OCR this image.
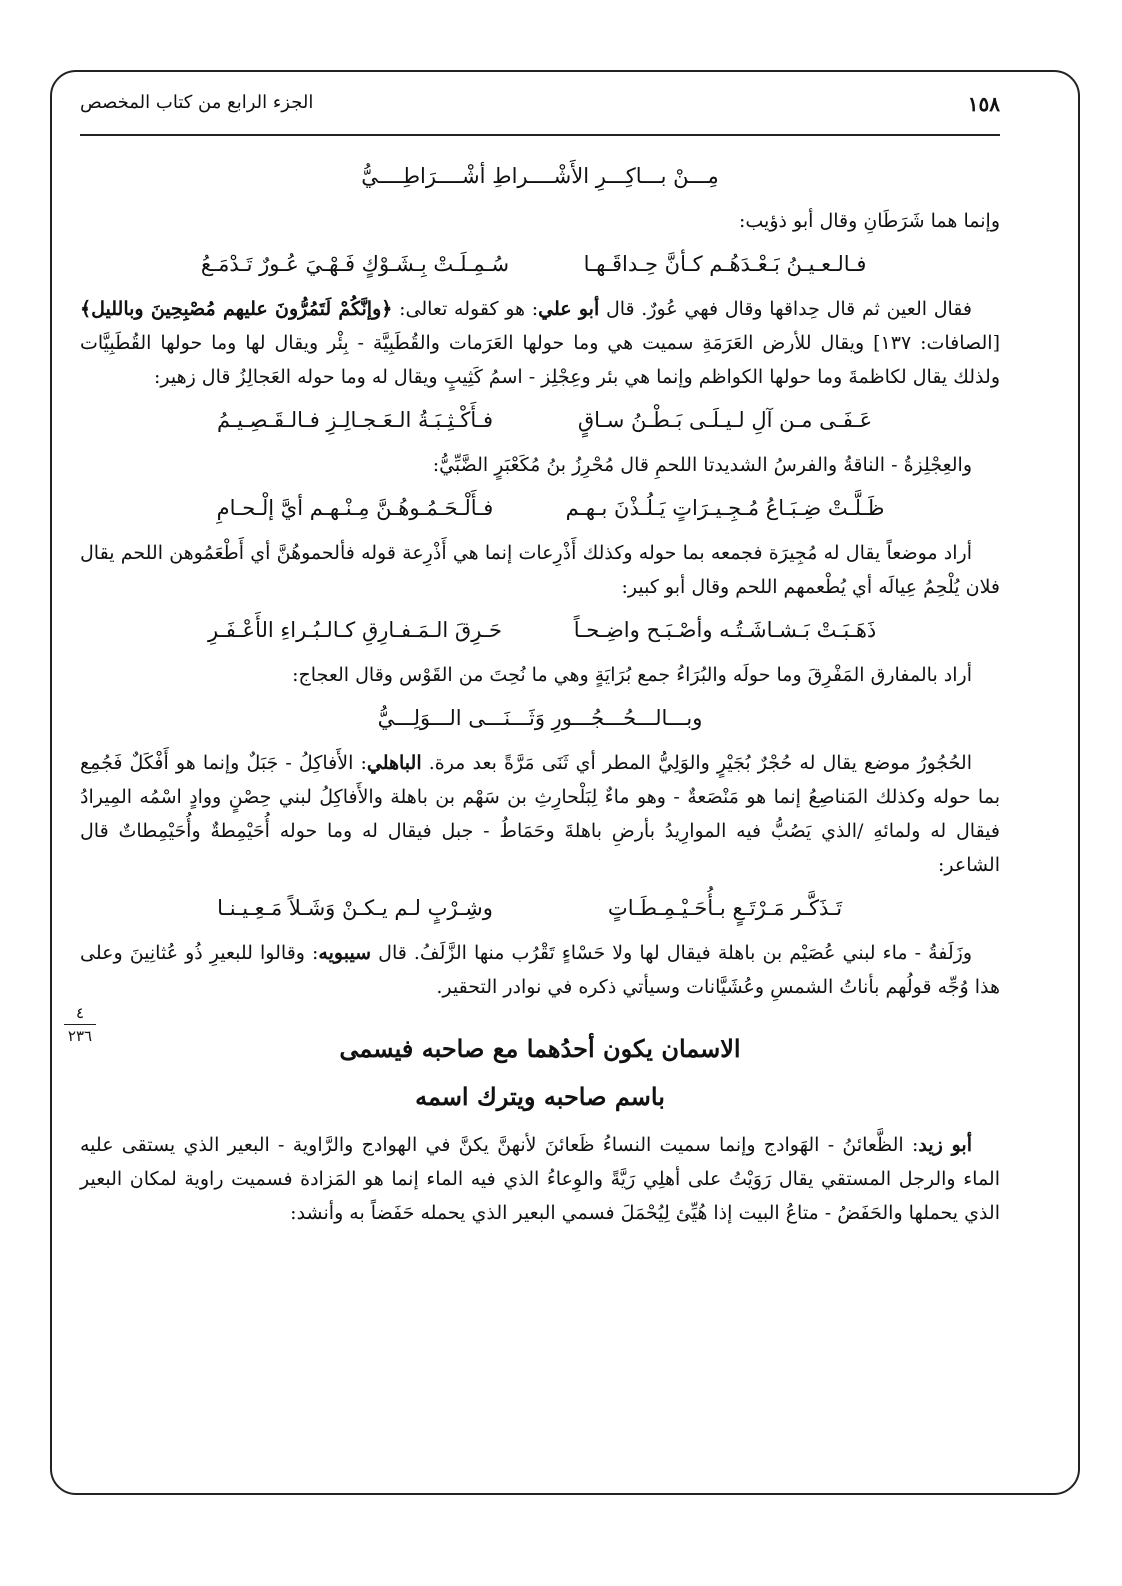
١٥٨
الجزء الرابع من كتاب المخصص
٤
٢٣٦
مِـــنْ بـــاكِـــرِ الأَشْــــراطِ أشْــــرَاطِــــيُّ

وإنما هما شَرَطَانِ وقال أبو ذؤيب:

فـالـعـيـنُ بَـعْـدَهُـم كـأنَّ حِـداقَـهـا
سُـمِـلَـتْ بِـشَـوْكٍ فَـهْـيَ عُـورٌ تَـدْمَـعُ

فقال العين ثم قال حِداقها وقال فهي عُورٌ. قال أبو علي: هو كقوله تعالى: ﴿وإنَّكُمْ لَتَمُرُّونَ عليهم مُصْبِحِينَ وبالليل﴾ [الصافات: ١٣٧] ويقال للأرض العَرَمَةِ سميت هي وما حولها العَرَمات والقُطَبِيَّة - بِئْر ويقال لها وما حولها القُطَبِيَّات ولذلك يقال لكاظمةَ وما حولها الكواظم وإنما هي بئر وعِجْلِز - اسمُ كَثِيبٍ ويقال له وما حوله العَجالِزُ قال زهير:

عَـفَـى مـن آلِ لـيـلَـى بَـطْـنُ سـاقٍ
فـأَكْـثِـبَـةُ الـعَـجـالِـزِ فـالـقَـصِـيـمُ

والعِجْلِزةُ - الناقةُ والفرسُ الشديدتا اللحمِ قال مُحْرِزُ بنُ مُكَعْبَرٍ الضَّبِّيُّ:

ظَـلَّـتْ ضِـبَـاعُ مُـجِـيـرَاتٍ يَـلُـذْنَ بـهـم
فـأَلْـحَـمُـوهُـنَّ مِـنْـهـم أيَّ إلْـحـامِ

أراد موضعاً يقال له مُجِيرَة فجمعه بما حوله وكذلك أَذْرِعات إنما هي أَذْرِعة قوله فألحموهُنَّ أي أَطْعَمُوهن اللحم يقال فلان يُلْحِمُ عِيالَه أي يُطْعمهم اللحم وقال أبو كبير:

ذَهَـبَـتْ بَـشـاشَـتُـه وأصْـبَـح واضِـحـاً
حَـرِقَ الـمَـفـارِقِ كـالـبُـراءِ الأَعْـفَـرِ

أراد بالمفارق المَفْرِقَ وما حولَه والبُرَاءُ جمع بُرَايَةٍ وهي ما نُحِتَ من القَوْس وقال العجاج:

وبـــالـــحُـــجُـــورِ وَثَـــنَـــى الـــوَلِـــيُّ

الحُجُورُ موضع يقال له حُجْرٌ بُجَيْرٍ والوَلِيُّ المطر أي ثَنَى مَرَّةً بعد مرة. الباهلي: الأَفاكِلُ - جَبَلٌ وإنما هو أَفْكَلٌ فَجُمِع بما حوله وكذلك المَناصِعُ إنما هو مَنْصَعةٌ - وهو ماءٌ لِبَلْحارِثِ بن سَهْم بن باهلة والأَفاكِلُ لبني حِصْنٍ ووادٍ اسْمُه المِيرادُ فيقال له ولمائهِ /الذي يَصُبُّ فيه الموارِيدُ بأرضِ باهلةَ وحَمَاطُ - جبل فيقال له وما حوله أُحَيْمِطةٌ وأُحَيْمِطاتٌ قال الشاعر:

تَـذَكَّـر مَـرْتَـعٍ بـأُحَـيْـمِـطَـاتٍ
وشِـرْبٍ لـم يـكـنْ وَشَـلاً مَـعِـيـنـا

وزَلَفةُ - ماء لبني عُصَيْم بن باهلة فيقال لها ولا حَسْاءٍ تَقْرُب منها الزَّلَفُ. قال سيبويه: وقالوا للبعيرِ ذُو عُثانِينَ وعلى هذا وُجِّه قولُهم بأناتُ الشمسِ وعُشَيَّانات وسيأتي ذكره في نوادر التحقير.

الاسمان يكون أحدُهما مع صاحبه فيسمى
باسم صاحبه ويترك اسمه

أبو زيد: الظَّعائنُ - الهَوادج وإنما سميت النساءُ ظَعائنَ لأنهنَّ يكنَّ في الهوادج والرَّاوية - البعير الذي يستقى عليه الماء والرجل المستقي يقال رَوَيْتُ على أهلِي رَيَّةً والوِعاءُ الذي فيه الماء إنما هو المَزادة فسميت راوية لمكان البعير الذي يحملها والحَفَضُ - متاعُ البيت إذا هُيِّئ لِيُحْمَلَ فسمي البعير الذي يحمله حَفَضاً به وأنشد:
